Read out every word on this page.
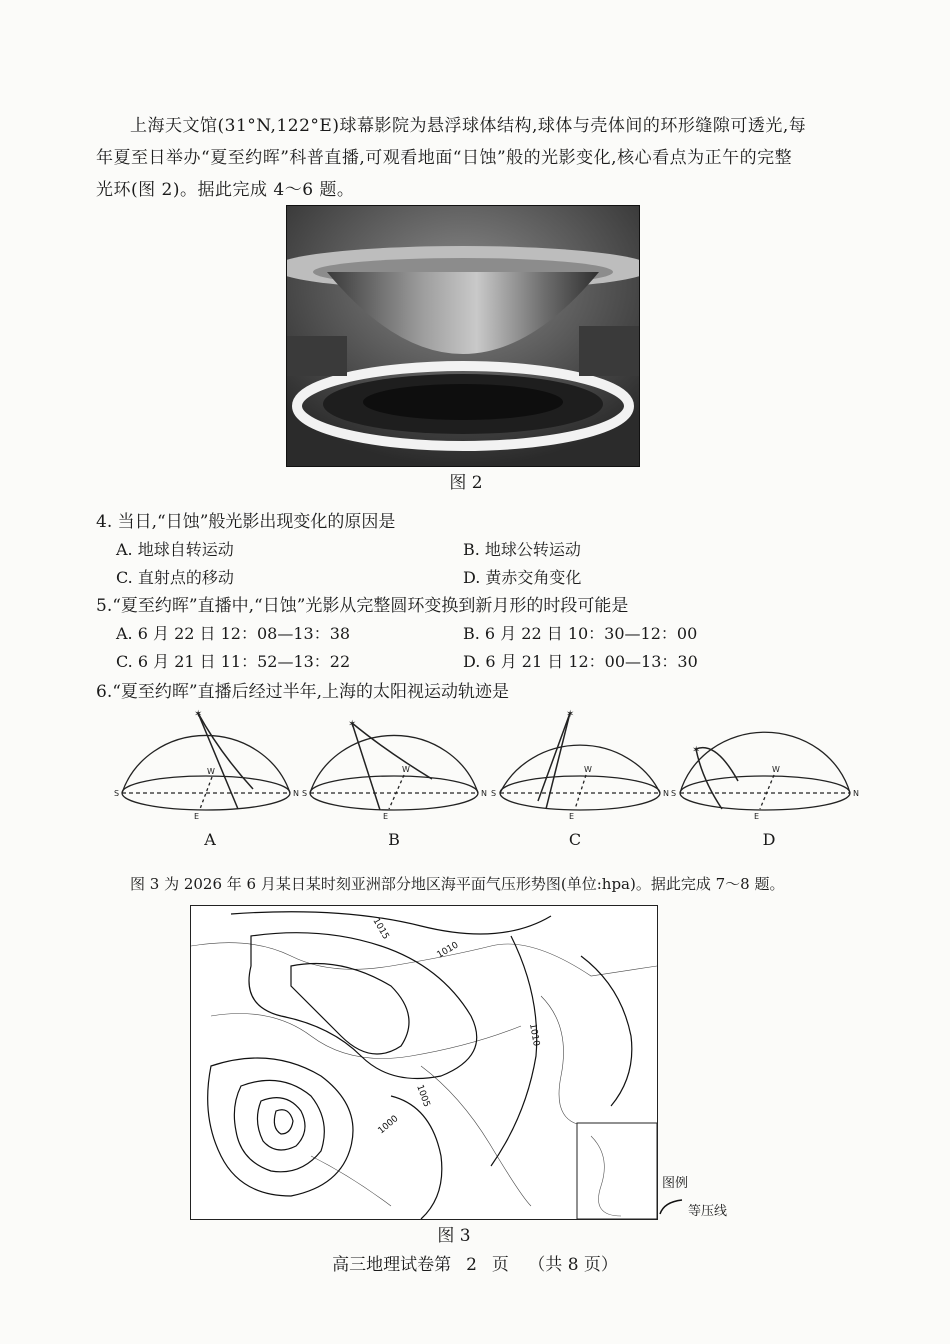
上海天文馆(31°N,122°E)球幕影院为悬浮球体结构,球体与壳体间的环形缝隙可透光,每
年夏至日举办“夏至约晖”科普直播,可观看地面“日蚀”般的光影变化,核心看点为正午的完整
光环(图 2)。据此完成 4～6 题。
图 2
4. 当日,“日蚀”般光影出现变化的原因是
A. 地球自转运动	B. 地球公转运动
C. 直射点的移动	D. 黄赤交角变化
5.“夏至约晖”直播中,“日蚀”光影从完整圆环变换到新月形的时段可能是
A. 6 月 22 日 12：08—13：38	B. 6 月 22 日 10：30—12：00
C. 6 月 21 日 11：52—13：22	D. 6 月 21 日 12：00—13：30
6.“夏至约晖”直播后经过半年,上海的太阳视运动轨迹是
S	N
W
E
S	N
W
E
S	N
W
E
S	N
W
E
✶
✶
✶
✶
A	B	C	D
图 3 为 2026 年 6 月某日某时刻亚洲部分地区海平面气压形势图(单位:hpa)。据此完成 7～8 题。
1015
1010
1010
1005
1000
图例
等压线
图 3
高三地理试卷第 2 页 （共 8 页）
